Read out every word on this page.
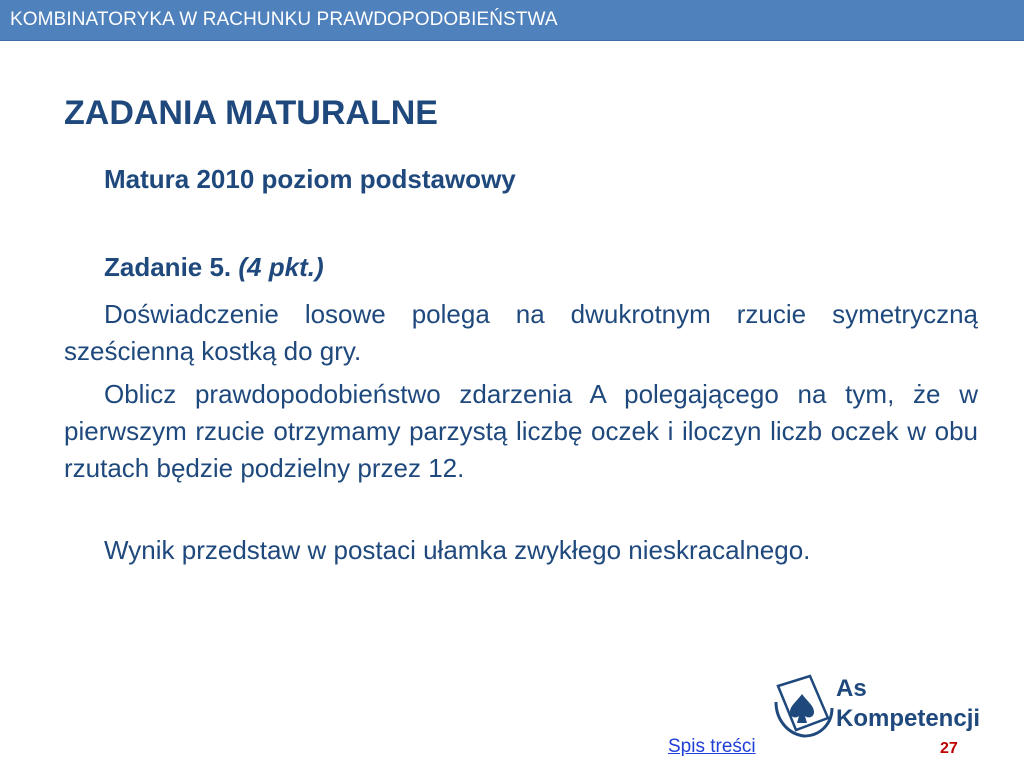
KOMBINATORYKA W RACHUNKU PRAWDOPODOBIEŃSTWA
ZADANIA MATURALNE
Matura 2010 poziom podstawowy
Zadanie 5. (4 pkt.)
Doświadczenie losowe polega na dwukrotnym rzucie symetryczną sześcienną kostką do gry.
Oblicz prawdopodobieństwo zdarzenia A polegającego na tym, że w pierwszym rzucie otrzymamy parzystą liczbę oczek i iloczyn liczb oczek w obu rzutach będzie podzielny przez 12.
Wynik przedstaw w postaci ułamka zwykłego nieskracalnego.
As
Kompetencji
Spis treści	27
